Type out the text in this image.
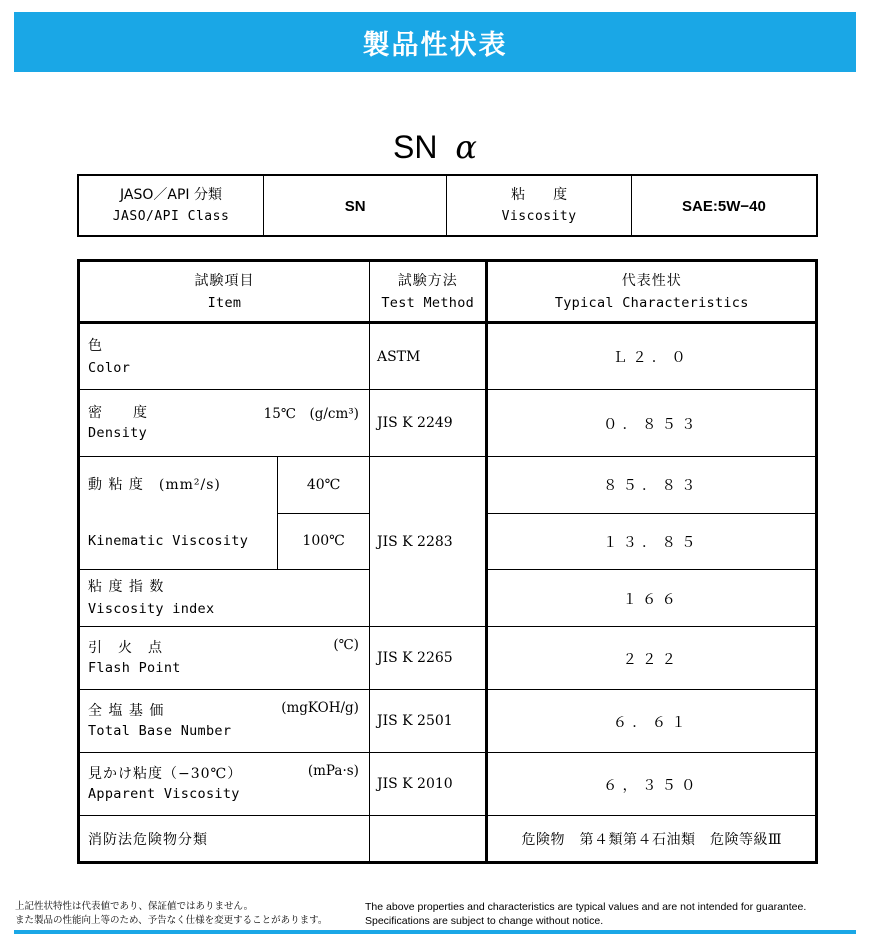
製品性状表
SN α
JASO／API 分類
JASO/API Class
	SN	
粘　　度
Viscosity
	SAE:5W−40
試験項目
Item		試験方法
Test Method	代表性状
Typical Characteristics

色
Color		ASTM	Ｌ２．０

密　　度 15℃　(g/cm³)
Density		JIS K 2249	０．８５３

動 粘 度　(mm²/s)
Kinematic Viscosity	40℃	JIS K 2283	８５．８３
	100℃		１３．８５

粘 度 指 数
Viscosity index			１６６

引　火　点 (℃)
Flash Point		JIS K 2265	２２２

全 塩 基 価 (mgKOH/g)
Total Base Number		JIS K 2501	６．６１

見かけ粘度（−30℃） (mPa·s)
Apparent Viscosity		JIS K 2010	６，３５０
消防法危険物分類			危険物　第４類第４石油類　危険等級Ⅲ
上記性状特性は代表値であり、保証値ではありません。
また製品の性能向上等のため、予告なく仕様を変更することがあります。
The above properties and characteristics are typical values and are not intended for guarantee.
Specifications are subject to change without notice.
